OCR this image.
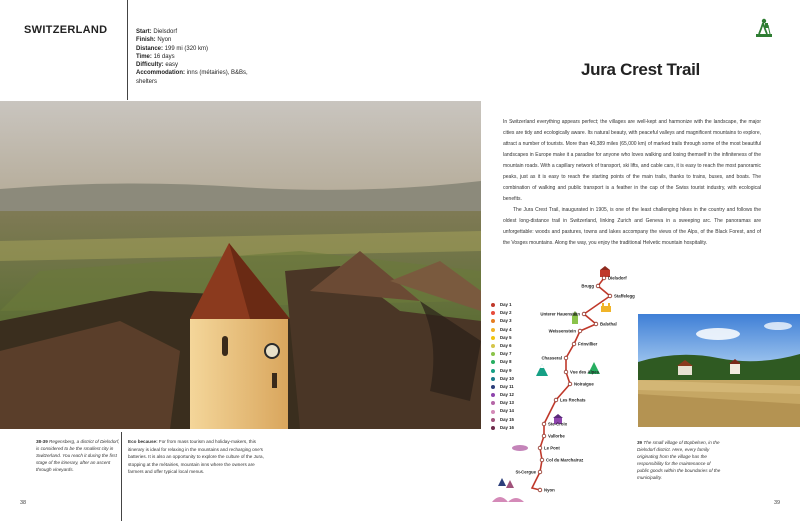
SWITZERLAND	Start: Dielsdorf
Finish: Nyon
Distance: 199 mi (320 km)
Time: 16 days
Difficulty: easy
Accommodation: inns (métairies), B&Bs, shelters
38-39 Regensberg, a district of Dielsdorf, is considered to be the smallest city in Switzerland. You reach it during the first stage of the itinerary, after an ascent through vineyards.
Eco because: For from mass tourism and holiday-makers, this itinerary is ideal for relaxing in the mountains and recharging one's batteries. It is also an opportunity to explore the culture of the Jura, stopping at the métairies, mountain inns where the owners are farmers and offer typical local menus.
38
Jura Crest Trail

In Switzerland everything appears perfect; the villages are well-kept and harmonize with the landscape, the major cities are tidy and ecologically aware. Its natural beauty, with peaceful valleys and magnificent mountains to explore, attract a number of tourists. More than 40,389 miles (65,000 km) of marked trails through some of the most beautiful landscapes in Europe make it a paradise for anyone who loves walking and losing themself in the infiniteness of the mountain roads. With a capillary network of transport, ski lifts, and cable cars, it is easy to reach the most panoramic peaks, just as it is easy to reach the starting points of the main trails, thanks to trains, buses, and boats. The combination of walking and public transport is a feather in the cap of the Swiss tourist industry, with ecological benefits.

The Jura Crest Trail, inaugurated in 1905, is one of the least challenging hikes in the country and follows the oldest long-distance trail in Switzerland, linking Zurich and Geneva in a sweeping arc. The panoramas are unforgettable: woods and pastures, towns and lakes accompany the views of the Alps, of the Black Forest, and of the Vosges mountains. Along the way, you enjoy the traditional Helvetic mountain hospitality.

Dielsdorf
Brugg
Staffelegg
Unterer Hauenstein
Balsthal
Weissenstein
Frinvillier
Chasseral
Vue des Alpes
Noiraigue
Les Rochats
Ste-Croix
Vallorbe
Le Pont
Col du Marchairuz
St-Cergue
Nyon
Day 1
Day 2
Day 3
Day 4
Day 5
Day 6
Day 7
Day 8
Day 9
Day 10
Day 11
Day 12
Day 13
Day 14
Day 15
Day 16
39 The small village of Bopbelsen, in the Dielsdorf district. Here, every family originating from the village has the responsibility for the maintenance of public goods within the boundaries of the municipality.
39
